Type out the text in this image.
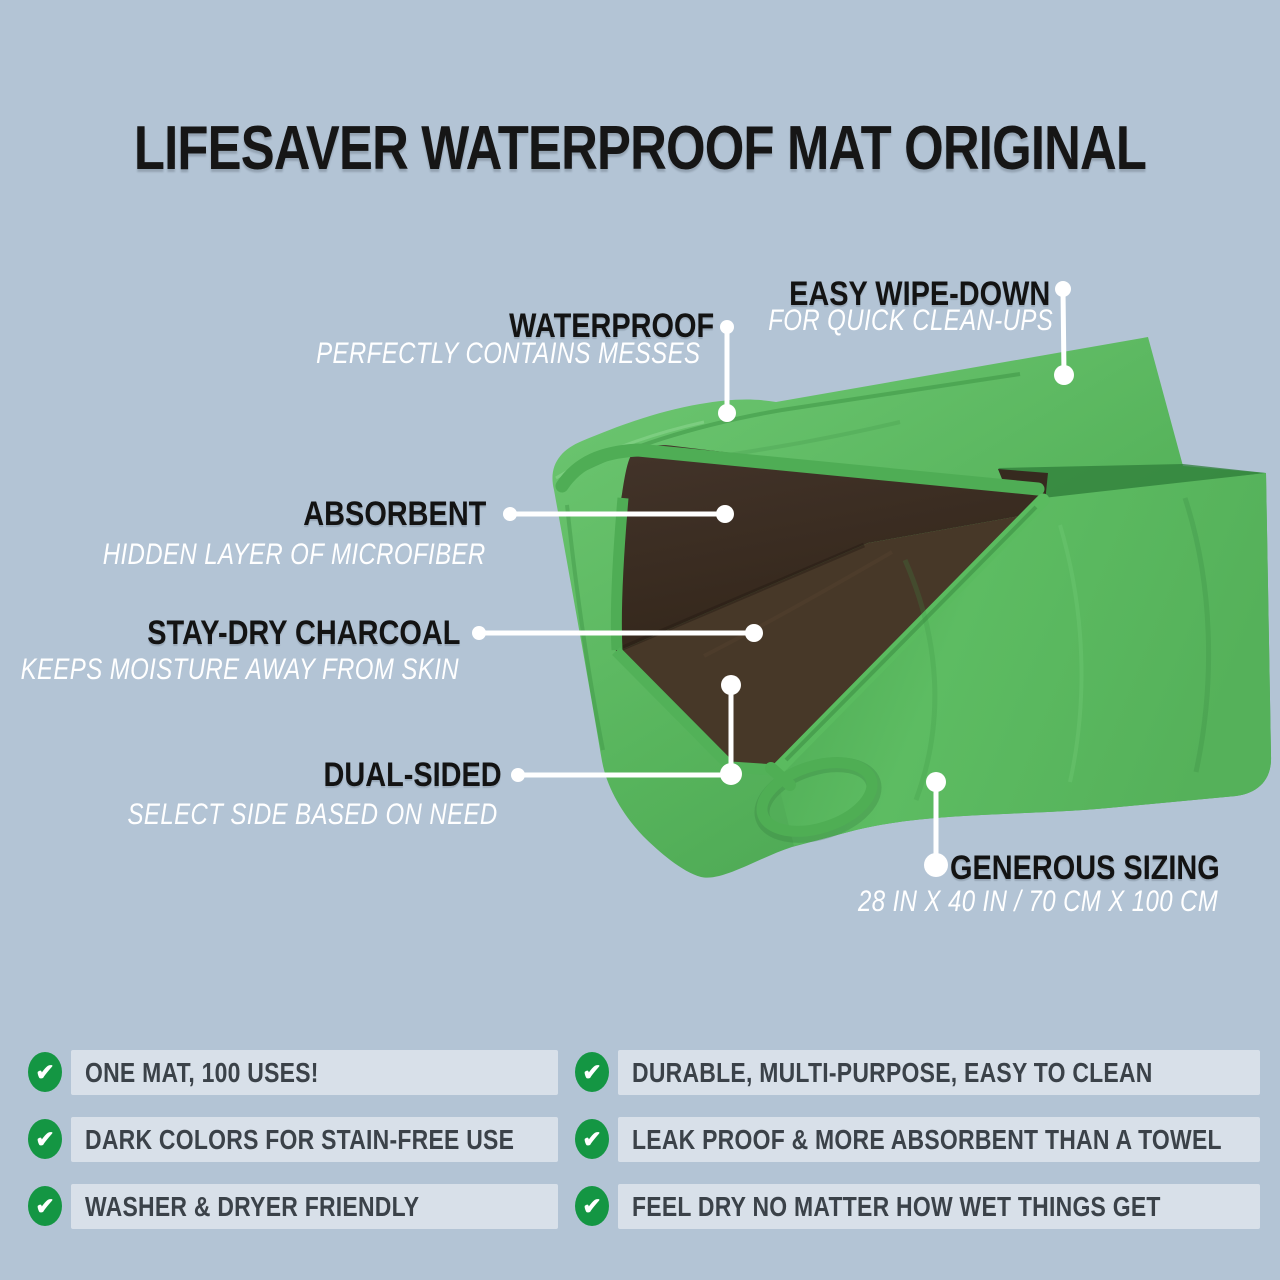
LIFESAVER WATERPROOF MAT ORIGINAL
EASY WIPE-DOWN
FOR QUICK CLEAN-UPS
WATERPROOF
PERFECTLY CONTAINS MESSES
ABSORBENT
HIDDEN LAYER OF MICROFIBER
STAY-DRY CHARCOAL
KEEPS MOISTURE AWAY FROM SKIN
DUAL-SIDED
SELECT SIDE BASED ON NEED
GENEROUS SIZING
28 IN X 40 IN / 70 CM X 100 CM
✔ ONE MAT, 100 USES!
✔ DARK COLORS FOR STAIN-FREE USE
✔ WASHER & DRYER FRIENDLY
✔ DURABLE, MULTI-PURPOSE, EASY TO CLEAN
✔ LEAK PROOF & MORE ABSORBENT THAN A TOWEL
✔ FEEL DRY NO MATTER HOW WET THINGS GET
